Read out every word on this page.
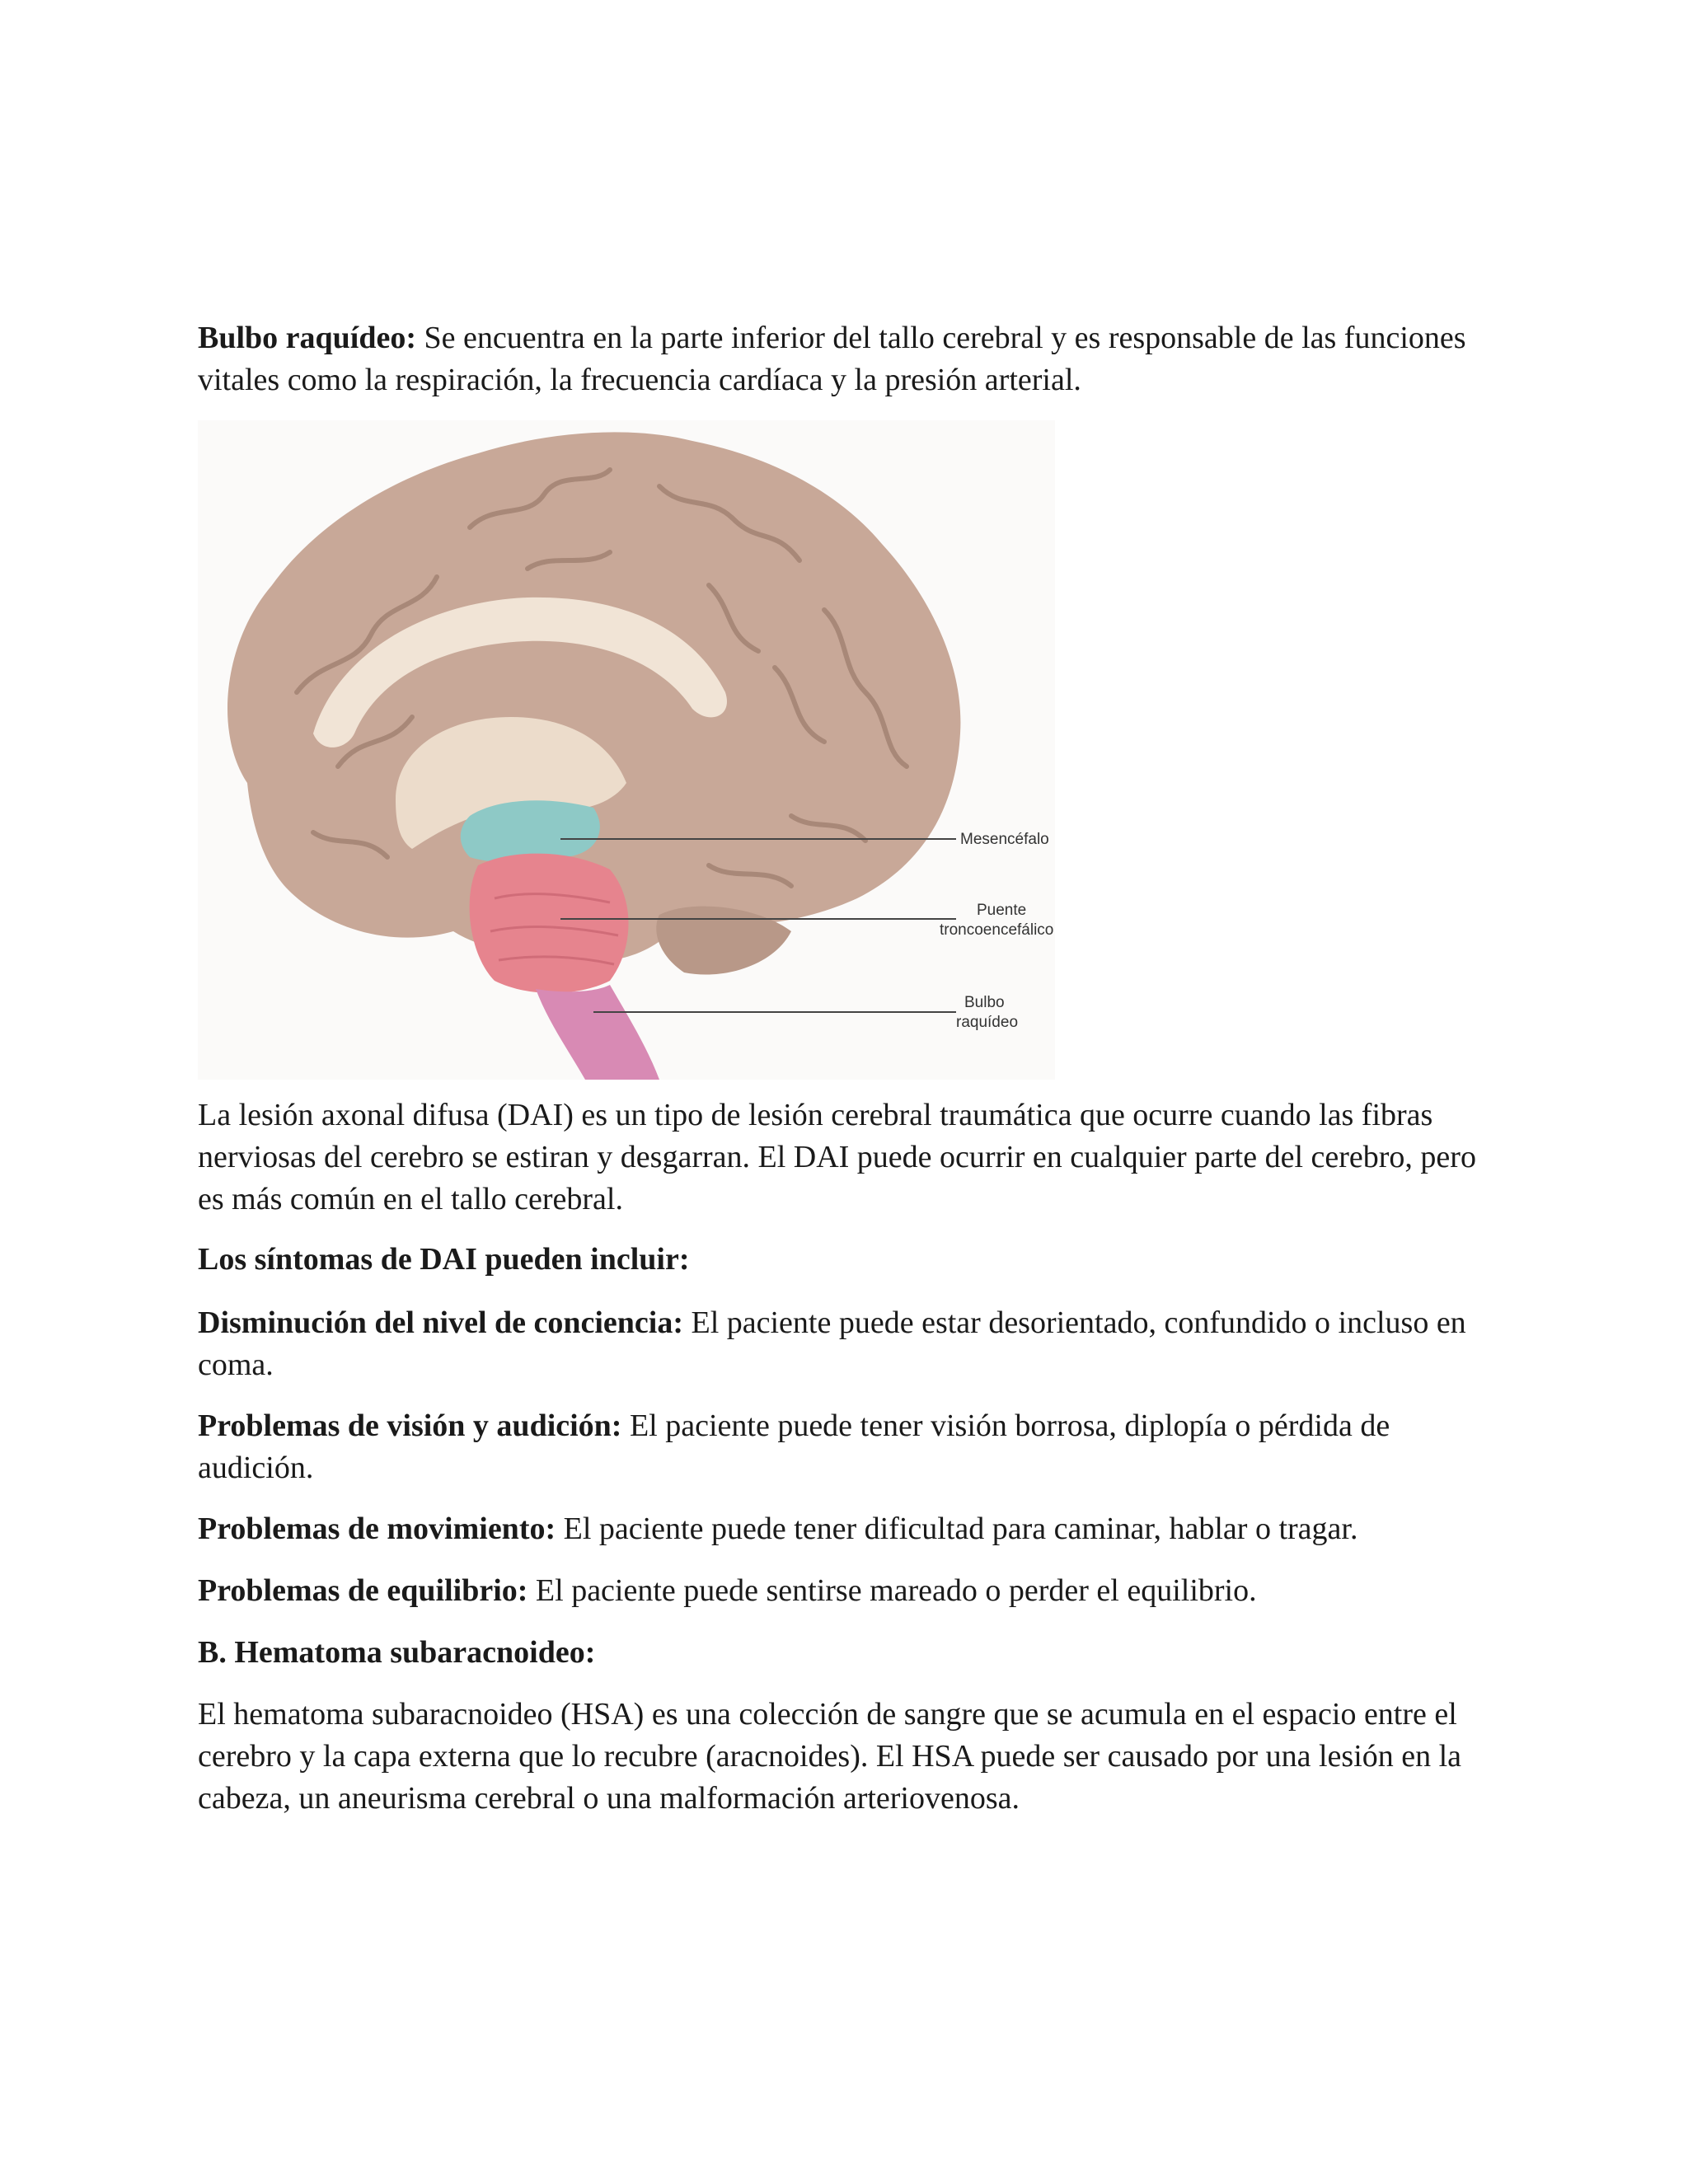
Bulbo raquídeo: Se encuentra en la parte inferior del tallo cerebral y es responsable de las funciones vitales como la respiración, la frecuencia cardíaca y la presión arterial.

Mesencéfalo
Puente
troncoencefálico
Bulbo
raquídeo

La lesión axonal difusa (DAI) es un tipo de lesión cerebral traumática que ocurre cuando las fibras nerviosas del cerebro se estiran y desgarran. El DAI puede ocurrir en cualquier parte del cerebro, pero es más común en el tallo cerebral.

Los síntomas de DAI pueden incluir:

Disminución del nivel de conciencia: El paciente puede estar desorientado, confundido o incluso en coma.

Problemas de visión y audición: El paciente puede tener visión borrosa, diplopía o pérdida de audición.

Problemas de movimiento: El paciente puede tener dificultad para caminar, hablar o tragar.

Problemas de equilibrio: El paciente puede sentirse mareado o perder el equilibrio.

B. Hematoma subaracnoideo:

El hematoma subaracnoideo (HSA) es una colección de sangre que se acumula en el espacio entre el cerebro y la capa externa que lo recubre (aracnoides). El HSA puede ser causado por una lesión en la cabeza, un aneurisma cerebral o una malformación arteriovenosa.
